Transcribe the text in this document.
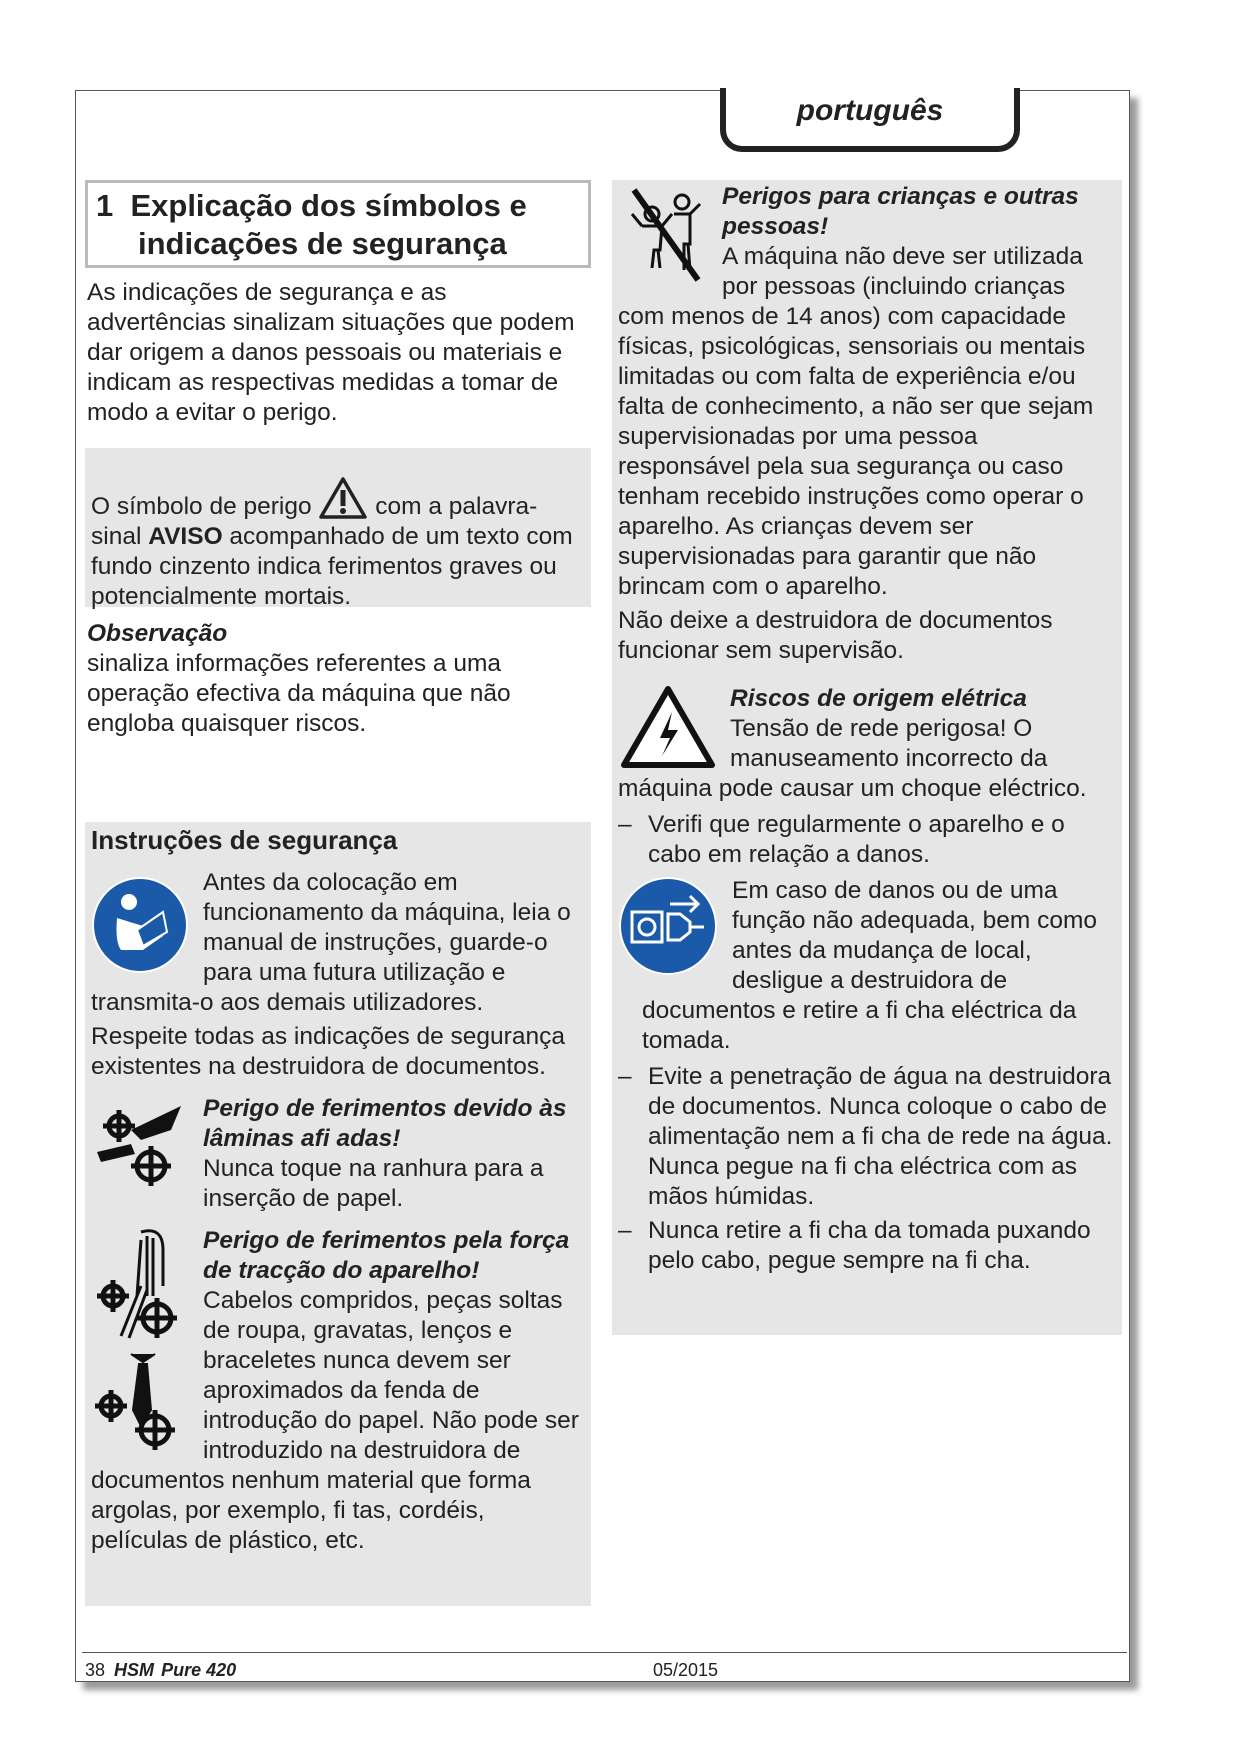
português
1  Explicação dos símbolos e
indicações de segurança
As indicações de segurança e as advertências sinalizam situações que podem dar origem a danos pessoais ou materiais e indicam as respectivas medidas a tomar de modo a evitar o perigo.
O símbolo de perigo
com a palavra-sinal AVISO acompanhado de um texto com fundo cinzento indica ferimentos graves ou potencialmente mortais.
Observação
sinaliza informações referentes a uma operação efectiva da máquina que não engloba quaisquer riscos.
Instruções de segurança
Antes da colocação em funcionamento da máquina, leia o manual de instruções, guarde-o para uma futura utilização e transmita-o aos demais utilizadores.
Respeite todas as indicações de segurança existentes na destruidora de documentos.
Perigo de ferimentos devido às lâminas afi adas!
Nunca toque na ranhura para a inserção de papel.
Perigo de ferimentos pela força de tracção do aparelho!
Cabelos compridos, peças soltas de roupa, gravatas, lenços e braceletes nunca devem ser aproximados da fenda de introdução do papel. Não pode ser introduzido na destruidora de documentos nenhum material que forma argolas, por exemplo, fi tas, cordéis, películas de plástico, etc.
Perigos para crianças e outras pessoas!
A máquina não deve ser utilizada por pessoas (incluindo crianças com menos de 14 anos) com capacidade físicas, psicológicas, sensoriais ou mentais limitadas ou com falta de experiência e/ou falta de conhecimento, a não ser que sejam supervisionadas por uma pessoa responsável pela sua segurança ou caso tenham recebido instruções como operar o aparelho. As crianças devem ser supervisionadas para garantir que não brincam com o aparelho.
Não deixe a destruidora de documentos funcionar sem supervisão.
Riscos de origem elétrica
Tensão de rede perigosa! O manuseamento incorrecto da máquina pode causar um choque eléctrico.
– Verifi que regularmente o aparelho e o cabo em relação a danos.
Em caso de danos ou de uma função não adequada, bem como antes da mudança de local, desligue a destruidora de documentos e retire a fi cha eléctrica da tomada.
– Evite a penetração de água na destruidora de documentos. Nunca coloque o cabo de alimentação nem a fi cha de rede na água. Nunca pegue na fi cha eléctrica com as mãos húmidas.
– Nunca retire a fi cha da tomada puxando pelo cabo, pegue sempre na fi cha.
38 HSM Pure 420	05/2015
